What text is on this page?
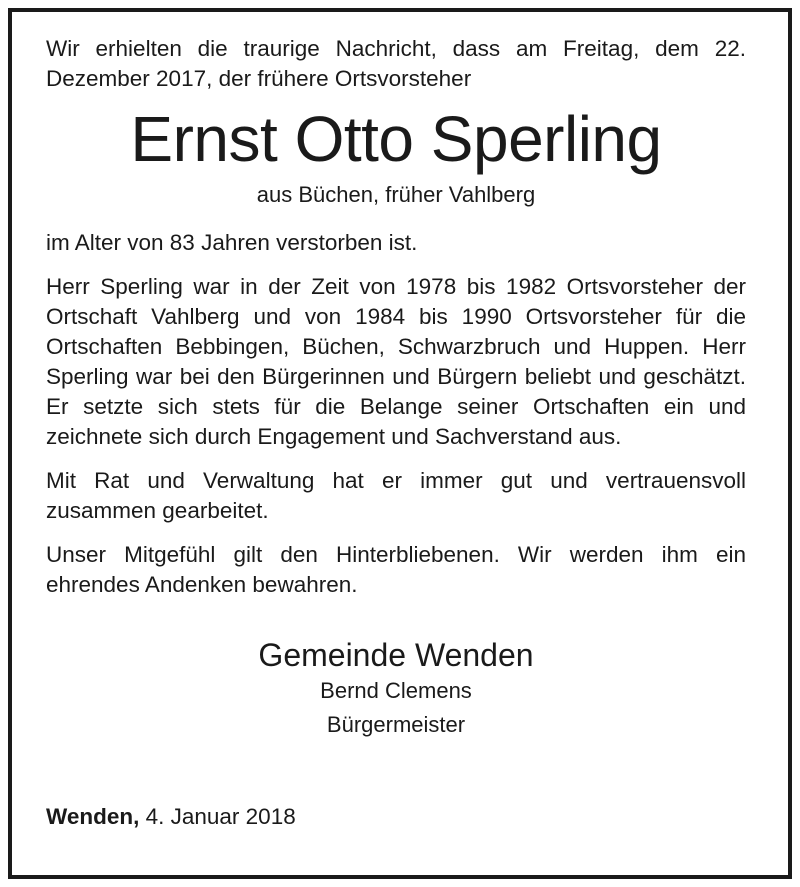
Wir erhielten die traurige Nachricht, dass am Freitag, dem 22. Dezember 2017, der frühere Ortsvorsteher

Ernst Otto Sperling
aus Büchen, früher Vahlberg

im Alter von 83 Jahren verstorben ist.

Herr Sperling war in der Zeit von 1978 bis 1982 Ortsvorsteher der Ortschaft Vahlberg und von 1984 bis 1990 Ortsvorsteher für die Ortschaften Bebbingen, Büchen, Schwarzbruch und Huppen. Herr Sperling war bei den Bürgerinnen und Bürgern beliebt und geschätzt. Er setzte sich stets für die Belange seiner Ortschaften ein und zeichnete sich durch Engagement und Sachverstand aus.

Mit Rat und Verwaltung hat er immer gut und vertrauensvoll zusammen gearbeitet.

Unser Mitgefühl gilt den Hinterbliebenen. Wir werden ihm ein ehrendes Andenken bewahren.

Gemeinde Wenden
Bernd Clemens
Bürgermeister
Wenden, 4. Januar 2018
